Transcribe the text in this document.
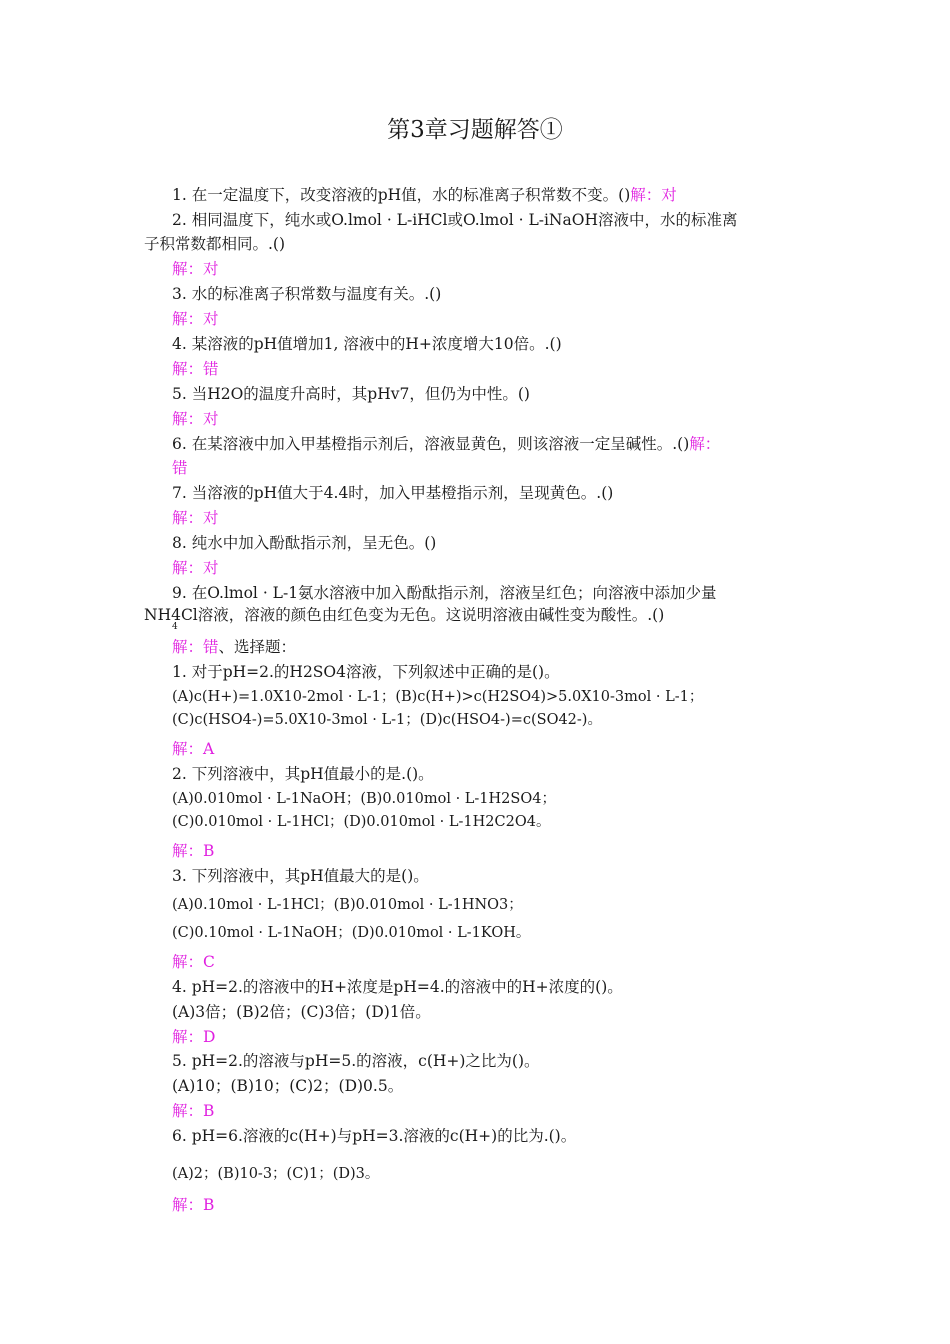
第3章习题解答①
1. 在一定温度下，改变溶液的pH值，水的标准离子积常数不变。()解：对
2. 相同温度下，纯水或O.lmol · L-iHCl或O.lmol · L-iNaOH溶液中，水的标准离
子积常数都相同。.()
解：对
3. 水的标准离子积常数与温度有关。.()
解：对
4. 某溶液的pH值增加1, 溶液中的H+浓度增大10倍。.()
解：错
5. 当H2O的温度升高时，其pHv7，但仍为中性。()
解：对
6. 在某溶液中加入甲基橙指示剂后，溶液显黄色，则该溶液一定呈碱性。.()解：
错
7. 当溶液的pH值大于4.4时，加入甲基橙指示剂，呈现黄色。.()
解：对
8. 纯水中加入酚酞指示剂，呈无色。()
解：对
9. 在O.lmol · L-1氨水溶液中加入酚酞指示剂，溶液呈红色；向溶液中添加少量
NH4Cl溶液，溶液的颜色由红色变为无色。这说明溶液由碱性变为酸性。.()
4
解：错、选择题：
1. 对于pH=2.的H2SO4溶液，下列叙述中正确的是()。
(A)c(H+)=1.0X10-2mol · L-1；(B)c(H+)>c(H2SO4)>5.0X10-3mol · L-1；
(C)c(HSO4-)=5.0X10-3mol · L-1；(D)c(HSO4-)=c(SO42-)。
解：A
2. 下列溶液中，其pH值最小的是.()。
(A)0.010mol · L-1NaOH；(B)0.010mol · L-1H2SO4；
(C)0.010mol · L-1HCl；(D)0.010mol · L-1H2C2O4。
解：B
3. 下列溶液中，其pH值最大的是()。
(A)0.10mol · L-1HCl；(B)0.010mol · L-1HNO3；
(C)0.10mol · L-1NaOH；(D)0.010mol · L-1KOH。
解：C
4. pH=2.的溶液中的H+浓度是pH=4.的溶液中的H+浓度的()。
(A)3倍；(B)2倍；(C)3倍；(D)1倍。
解：D
5. pH=2.的溶液与pH=5.的溶液，c(H+)之比为()。
(A)10；(B)10；(C)2；(D)0.5。
解：B
6. pH=6.溶液的c(H+)与pH=3.溶液的c(H+)的比为.()。
(A)2；(B)10-3；(C)1；(D)3。
解：B
